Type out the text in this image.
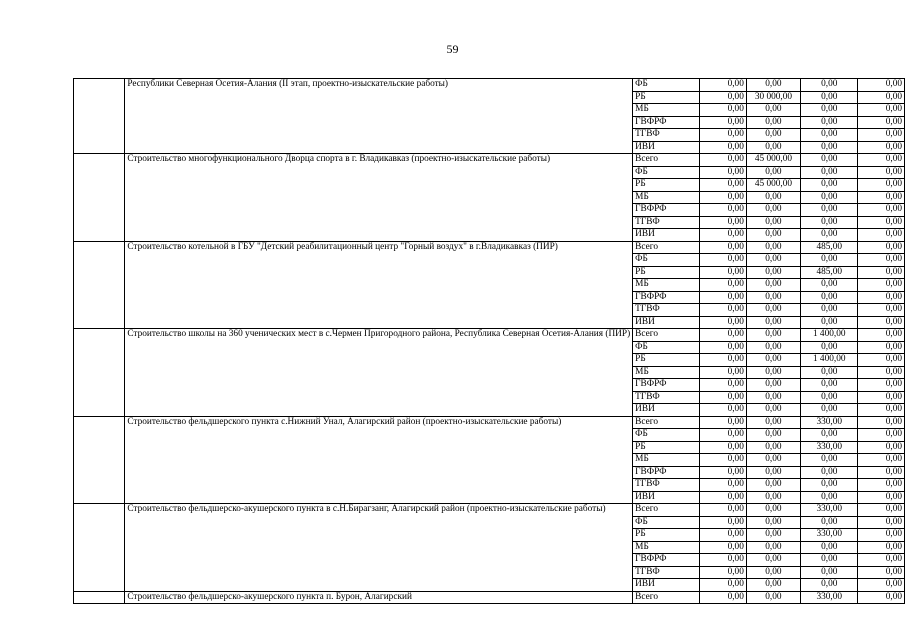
59
	Республики Северная Осетия-Алания (II этап, проектно-изыскательские работы)	ФБ	0,00	0,00	0,00	0,00
		РБ	0,00	30 000,00	0,00	0,00
		МБ	0,00	0,00	0,00	0,00
		ГВФРФ	0,00	0,00	0,00	0,00
		ТГВФ	0,00	0,00	0,00	0,00
		ИВИ	0,00	0,00	0,00	0,00
	Строительство многофункционального Дворца спорта в г. Владикавказ (проектно-изыскательские работы)	Всего	0,00	45 000,00	0,00	0,00
		ФБ	0,00	0,00	0,00	0,00
		РБ	0,00	45 000,00	0,00	0,00
		МБ	0,00	0,00	0,00	0,00
		ГВФРФ	0,00	0,00	0,00	0,00
		ТГВФ	0,00	0,00	0,00	0,00
		ИВИ	0,00	0,00	0,00	0,00
	Строительство котельной в ГБУ "Детский реабилитационный центр "Горный воздух" в г.Владикавказ (ПИР)	Всего	0,00	0,00	485,00	0,00
		ФБ	0,00	0,00	0,00	0,00
		РБ	0,00	0,00	485,00	0,00
		МБ	0,00	0,00	0,00	0,00
		ГВФРФ	0,00	0,00	0,00	0,00
		ТГВФ	0,00	0,00	0,00	0,00
		ИВИ	0,00	0,00	0,00	0,00
	Строительство школы на 360 ученических мест в с.Чермен Пригородного района, Республика Северная Осетия-Алания (ПИР)	Всего	0,00	0,00	1 400,00	0,00
		ФБ	0,00	0,00	0,00	0,00
		РБ	0,00	0,00	1 400,00	0,00
		МБ	0,00	0,00	0,00	0,00
		ГВФРФ	0,00	0,00	0,00	0,00
		ТГВФ	0,00	0,00	0,00	0,00
		ИВИ	0,00	0,00	0,00	0,00
	Строительство фельдшерского пункта с.Нижний Унал, Алагирский район (проектно-изыскательские работы)	Всего	0,00	0,00	330,00	0,00
		ФБ	0,00	0,00	0,00	0,00
		РБ	0,00	0,00	330,00	0,00
		МБ	0,00	0,00	0,00	0,00
		ГВФРФ	0,00	0,00	0,00	0,00
		ТГВФ	0,00	0,00	0,00	0,00
		ИВИ	0,00	0,00	0,00	0,00
	Строительство фельдшерско-акушерского пункта в с.Н.Бирагзанг, Алагирский район (проектно-изыскательские работы)	Всего	0,00	0,00	330,00	0,00
		ФБ	0,00	0,00	0,00	0,00
		РБ	0,00	0,00	330,00	0,00
		МБ	0,00	0,00	0,00	0,00
		ГВФРФ	0,00	0,00	0,00	0,00
		ТГВФ	0,00	0,00	0,00	0,00
		ИВИ	0,00	0,00	0,00	0,00
	Строительство фельдшерско-акушерского пункта п. Бурон, Алагирский	Всего	0,00	0,00	330,00	0,00
